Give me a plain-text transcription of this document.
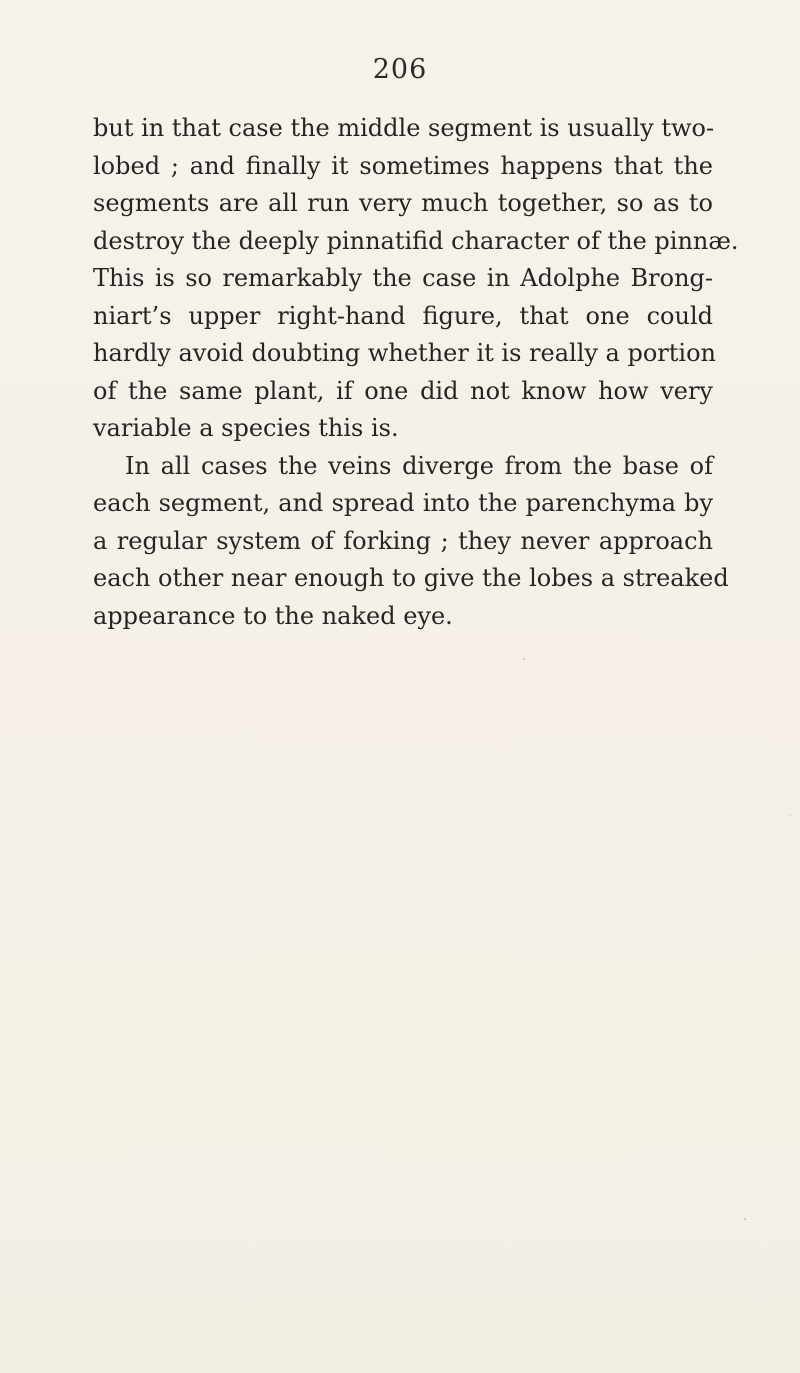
206
but in that case the middle segment is usually two-
lobed ; and finally it sometimes happens that the
segments are all run very much together, so as to
destroy the deeply pinnatifid character of the pinnæ.
This is so remarkably the case in Adolphe Brong-
niart’s upper right-hand figure, that one could
hardly avoid doubting whether it is really a portion
of the same plant, if one did not know how very
variable a species this is.
In all cases the veins diverge from the base of
each segment, and spread into the parenchyma by
a regular system of forking ; they never approach
each other near enough to give the lobes a streaked
appearance to the naked eye.
